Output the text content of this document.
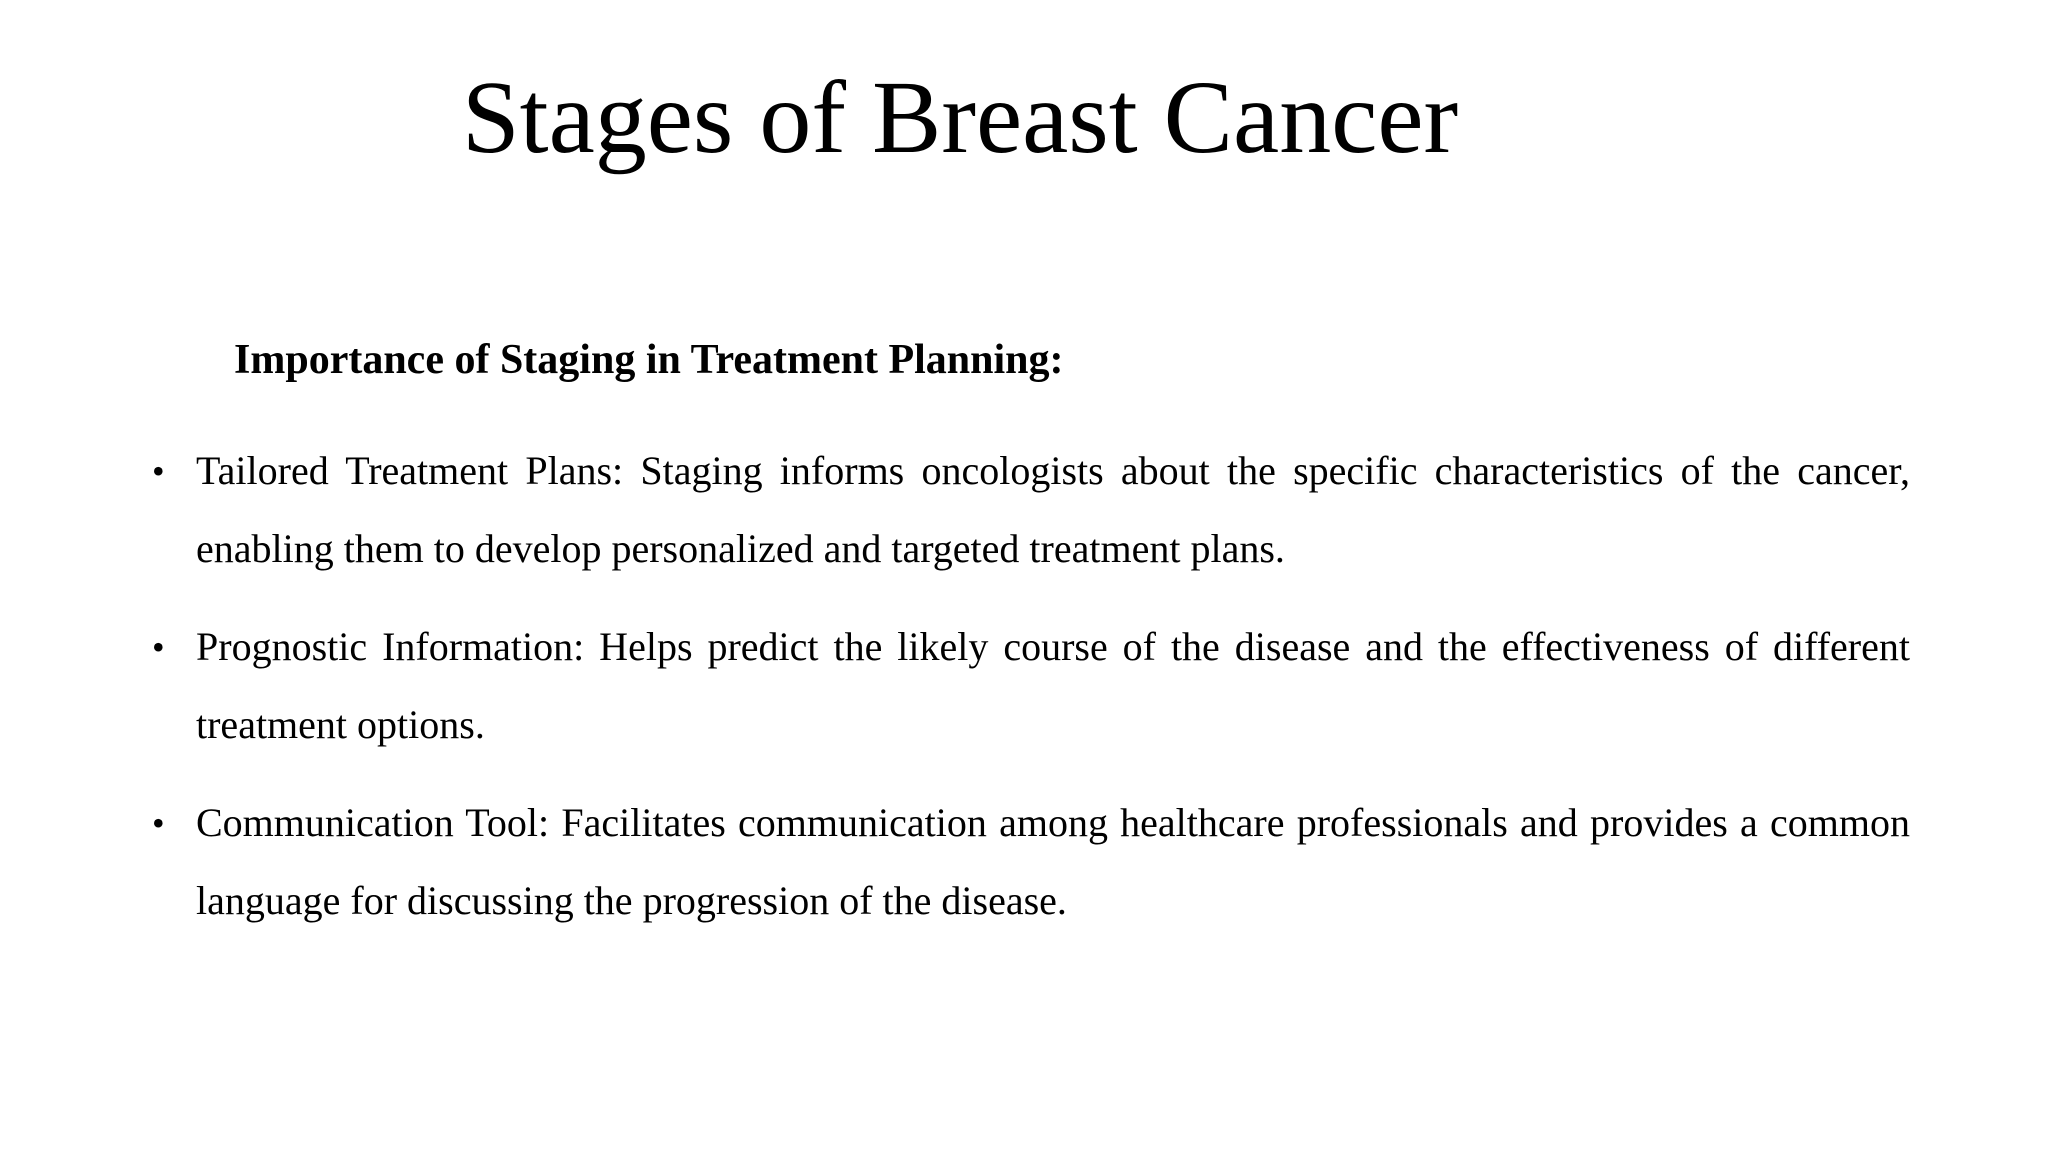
Stages of Breast Cancer
Importance of Staging in Treatment Planning:
• Tailored Treatment Plans: Staging informs oncologists about the specific characteristics of the cancer, enabling them to develop personalized and targeted treatment plans.
• Prognostic Information: Helps predict the likely course of the disease and the effectiveness of different treatment options.
• Communication Tool: Facilitates communication among healthcare professionals and provides a common language for discussing the progression of the disease.
